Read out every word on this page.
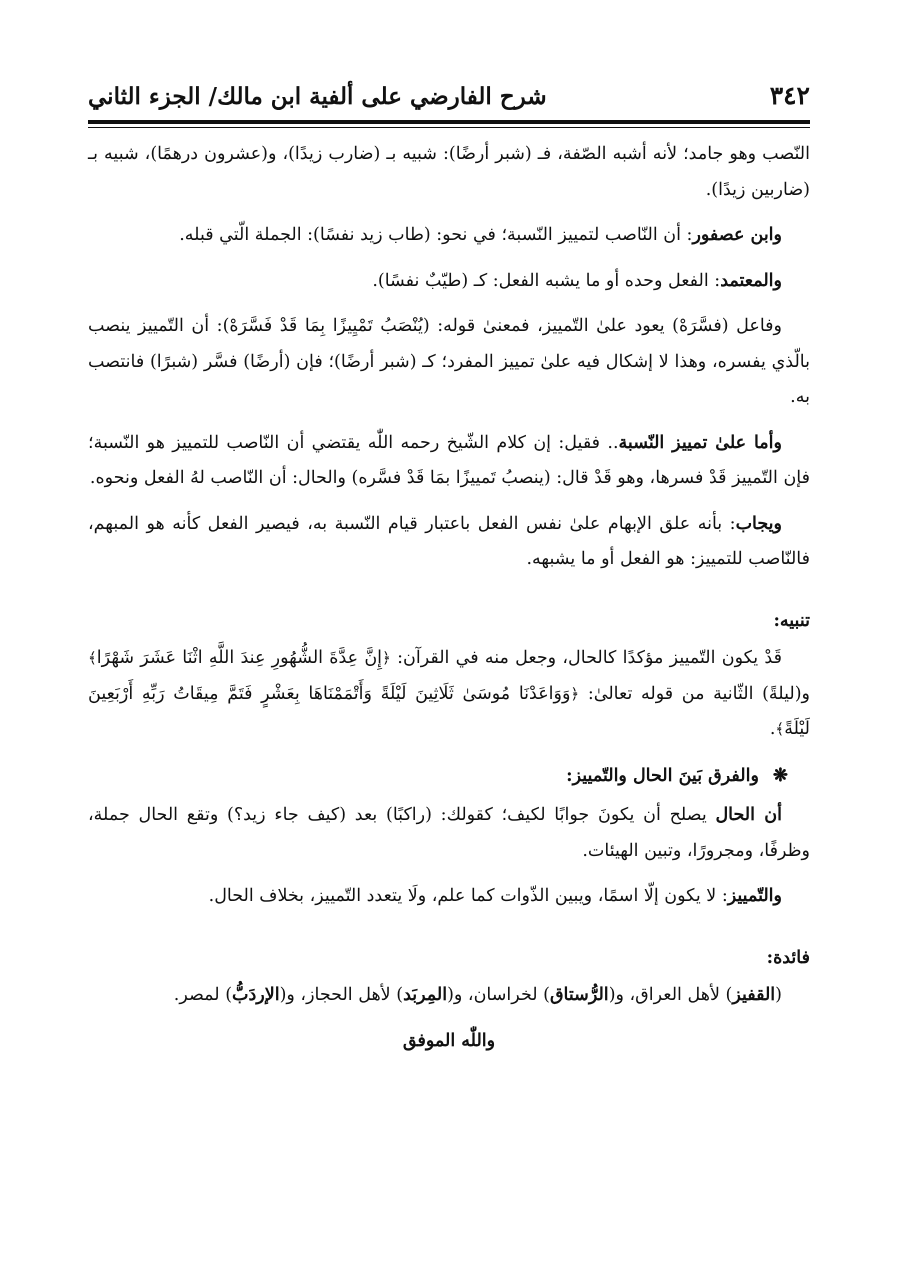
٣٤٢
شرح الفارضي على ألفية ابن مالك/ الجزء الثاني

النّصب وهو جامد؛ لأنه أشبه الصّفة، فـ (شبر أرضًا): شبيه بـ (ضارب زيدًا)، و(عشرون درهمًا)، شبيه بـ (ضاربين زيدًا).

وابن عصفور: أن النّاصب لتمييز النّسبة؛ في نحو: (طاب زيد نفسًا): الجملة الّتي قبله.

والمعتمد: الفعل وحده أو ما يشبه الفعل: كـ (طيّبٌ نفسًا).

وفاعل (فسَّرَهْ) يعود علىٰ التّمييز، فمعنىٰ قوله: (يُنْصَبُ تَمْيِيزًا بِمَا قَدْ فَسَّرَهْ): أن التّمييز ينصب بالّذي يفسره، وهذا لا إشكال فيه علىٰ تمييز المفرد؛ كـ (شبر أرضًا)؛ فإن (أرضًا) فسَّر (شبرًا) فانتصب به.

وأما علىٰ تمييز النّسبة.. فقيل: إن كلام الشّيخ رحمه اللّٰه يقتضي أن النّاصب للتمييز هو النّسبة؛ فإن التّمييز قَدْ فسرها، وهو قَدْ قال: (ينصبُ تَمييزًا بمَا قَدْ فسَّره) والحال: أن النّاصب لهُ الفعل ونحوه.

ويجاب: بأنه علق الإبهام علىٰ نفس الفعل باعتبار قيام النّسبة به، فيصير الفعل كأنه هو المبهم، فالنّاصب للتمييز: هو الفعل أو ما يشبهه.

تنبيه:

قَدْ يكون التّمييز مؤكدًا كالحال، وجعل منه في القرآن: ﴿إِنَّ عِدَّةَ الشُّهُورِ عِندَ اللَّهِ اثْنَا عَشَرَ شَهْرًا﴾ و(ليلةً) الثّانية من قوله تعالىٰ: ﴿وَوَاعَدْنَا مُوسَىٰ ثَلَاثِينَ لَيْلَةً وَأَتْمَمْنَاهَا بِعَشْرٍ فَتَمَّ مِيقَاتُ رَبِّهِ أَرْبَعِينَ لَيْلَةً﴾.

❋والفرق بَينَ الحال والتّمييز:

أن الحال يصلح أن يكونَ جوابًا لكيف؛ كقولك: (راكبًا) بعد (كيف جاء زيد؟) وتقع الحال جملة، وظرفًا، ومجرورًا، وتبين الهيئات.

والتّمييز: لا يكون إلّا اسمًا، ويبين الذّوات كما علم، ولَا يتعدد التّمييز، بخلاف الحال.

فائدة:

(القفيز) لأهل العراق، و(الرُّستاق) لخراسان، و(المِربَد) لأهل الحجاز، و(الإردَبُّ) لمصر.

واللّٰه الموفق
